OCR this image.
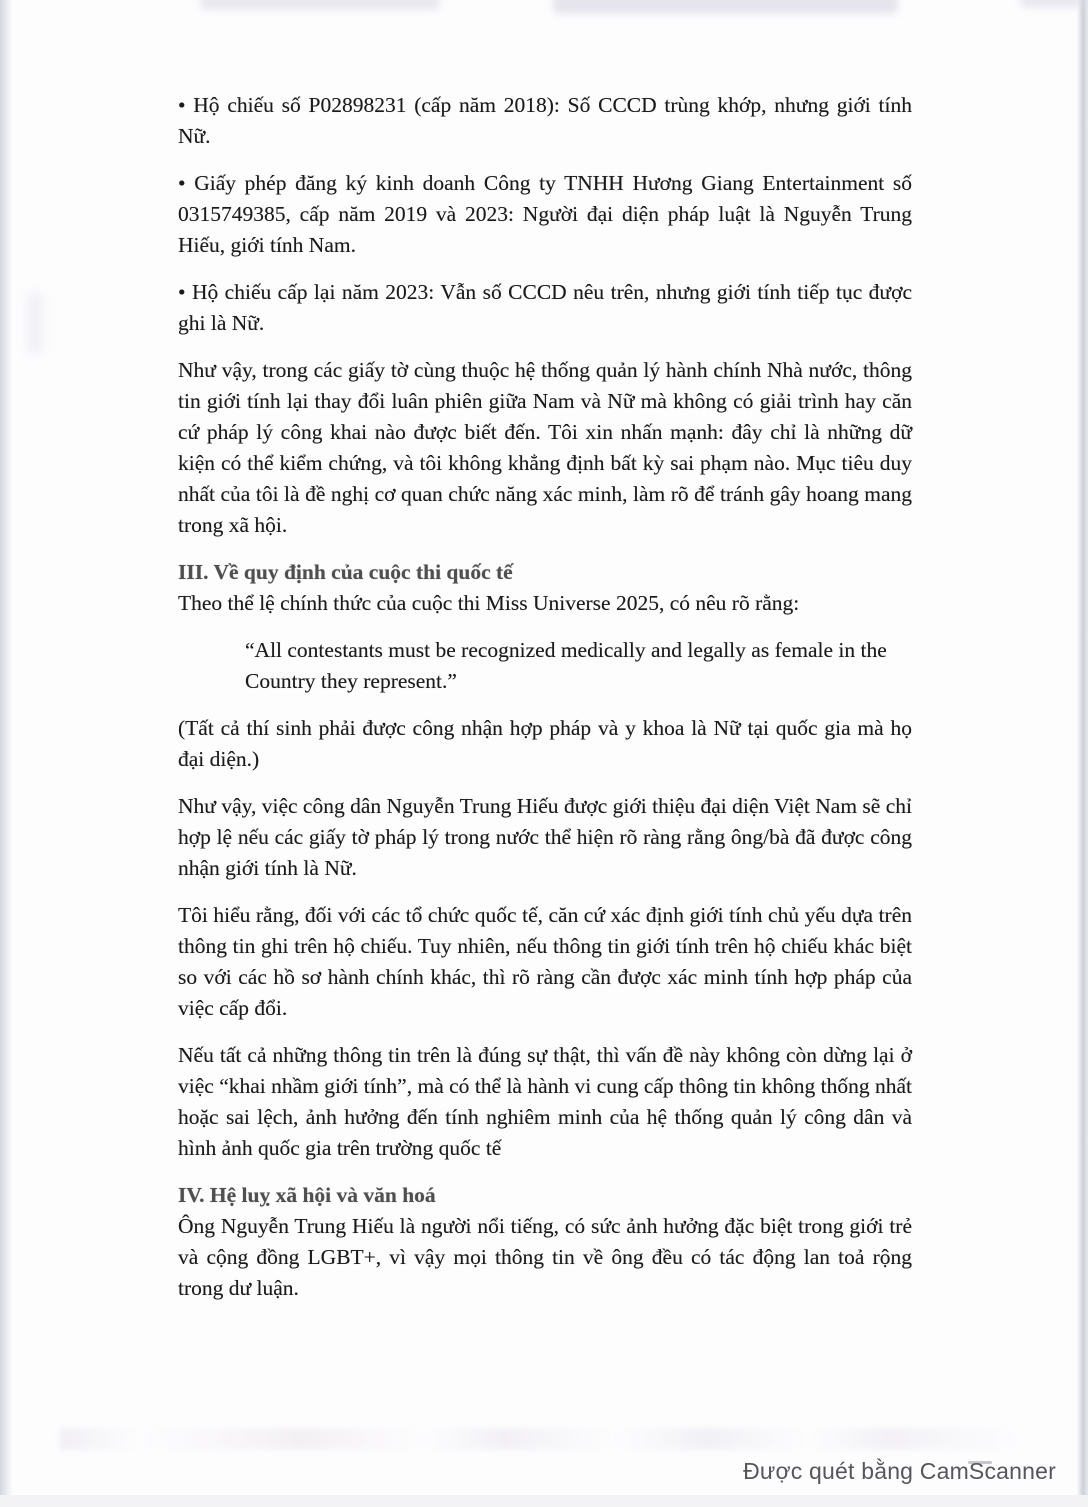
• Hộ chiếu số P02898231 (cấp năm 2018): Số CCCD trùng khớp, nhưng giới tính Nữ.

• Giấy phép đăng ký kinh doanh Công ty TNHH Hương Giang Entertainment số 0315749385, cấp năm 2019 và 2023: Người đại diện pháp luật là Nguyễn Trung Hiếu, giới tính Nam.

• Hộ chiếu cấp lại năm 2023: Vẫn số CCCD nêu trên, nhưng giới tính tiếp tục được ghi là Nữ.

Như vậy, trong các giấy tờ cùng thuộc hệ thống quản lý hành chính Nhà nước, thông tin giới tính lại thay đổi luân phiên giữa Nam và Nữ mà không có giải trình hay căn cứ pháp lý công khai nào được biết đến. Tôi xin nhấn mạnh: đây chỉ là những dữ kiện có thể kiểm chứng, và tôi không khẳng định bất kỳ sai phạm nào. Mục tiêu duy nhất của tôi là đề nghị cơ quan chức năng xác minh, làm rõ để tránh gây hoang mang trong xã hội.

III. Về quy định của cuộc thi quốc tế

Theo thể lệ chính thức của cuộc thi Miss Universe 2025, có nêu rõ rằng:

“All contestants must be recognized medically and legally as female in the Country they represent.”

(Tất cả thí sinh phải được công nhận hợp pháp và y khoa là Nữ tại quốc gia mà họ đại diện.)

Như vậy, việc công dân Nguyễn Trung Hiếu được giới thiệu đại diện Việt Nam sẽ chỉ hợp lệ nếu các giấy tờ pháp lý trong nước thể hiện rõ ràng rằng ông/bà đã được công nhận giới tính là Nữ.

Tôi hiểu rằng, đối với các tổ chức quốc tế, căn cứ xác định giới tính chủ yếu dựa trên thông tin ghi trên hộ chiếu. Tuy nhiên, nếu thông tin giới tính trên hộ chiếu khác biệt so với các hồ sơ hành chính khác, thì rõ ràng cần được xác minh tính hợp pháp của việc cấp đổi.

Nếu tất cả những thông tin trên là đúng sự thật, thì vấn đề này không còn dừng lại ở việc “khai nhầm giới tính”, mà có thể là hành vi cung cấp thông tin không thống nhất hoặc sai lệch, ảnh hưởng đến tính nghiêm minh của hệ thống quản lý công dân và hình ảnh quốc gia trên trường quốc tế

IV. Hệ luỵ xã hội và văn hoá

Ông Nguyễn Trung Hiếu là người nổi tiếng, có sức ảnh hưởng đặc biệt trong giới trẻ và cộng đồng LGBT+, vì vậy mọi thông tin về ông đều có tác động lan toả rộng trong dư luận.

Được quét bằng CamScanner
